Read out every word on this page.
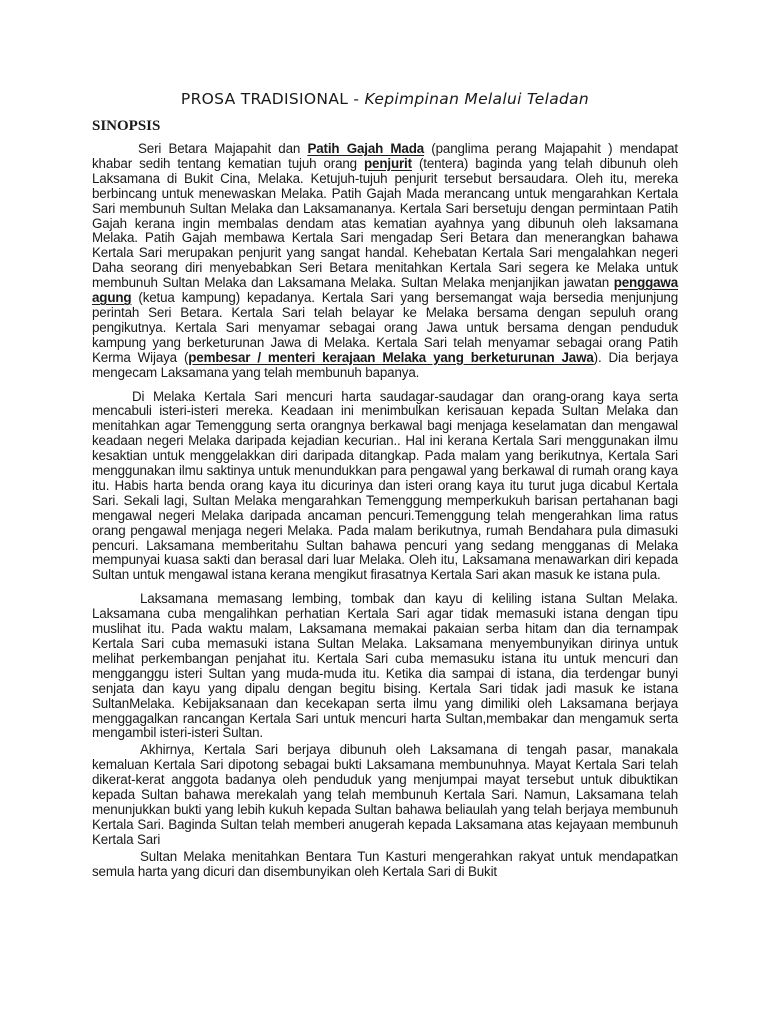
PROSA TRADISIONAL - Kepimpinan Melalui Teladan
SINOPSIS

Seri Betara Majapahit dan Patih Gajah Mada (panglima perang Majapahit ) mendapat khabar sedih tentang kematian tujuh orang penjurit (tentera) baginda yang telah dibunuh oleh Laksamana di Bukit Cina, Melaka. Ketujuh-tujuh penjurit tersebut bersaudara. Oleh itu, mereka berbincang untuk menewaskan Melaka. Patih Gajah Mada merancang untuk mengarahkan Kertala Sari membunuh Sultan Melaka dan Laksamananya. Kertala Sari bersetuju dengan permintaan Patih Gajah kerana ingin membalas dendam atas kematian ayahnya yang dibunuh oleh laksamana Melaka. Patih Gajah membawa Kertala Sari mengadap Seri Betara dan menerangkan bahawa Kertala Sari merupakan penjurit yang sangat handal. Kehebatan Kertala Sari mengalahkan negeri Daha seorang diri menyebabkan Seri Betara menitahkan Kertala Sari segera ke Melaka untuk membunuh Sultan Melaka dan Laksamana Melaka. Sultan Melaka menjanjikan jawatan penggawa agung (ketua kampung) kepadanya. Kertala Sari yang bersemangat waja bersedia menjunjung perintah Seri Betara. Kertala Sari telah belayar ke Melaka bersama dengan sepuluh orang pengikutnya. Kertala Sari menyamar sebagai orang Jawa untuk bersama dengan penduduk kampung yang berketurunan Jawa di Melaka. Kertala Sari telah menyamar sebagai orang Patih Kerma Wijaya (pembesar / menteri kerajaan Melaka yang berketurunan Jawa). Dia berjaya mengecam Laksamana yang telah membunuh bapanya.

Di Melaka Kertala Sari mencuri harta saudagar-saudagar dan orang-orang kaya serta mencabuli isteri-isteri mereka. Keadaan ini menimbulkan kerisauan kepada Sultan Melaka dan menitahkan agar Temenggung serta orangnya berkawal bagi menjaga keselamatan dan mengawal keadaan negeri Melaka daripada kejadian kecurian.. Hal ini kerana Kertala Sari menggunakan ilmu kesaktian untuk menggelakkan diri daripada ditangkap. Pada malam yang berikutnya, Kertala Sari menggunakan ilmu saktinya untuk menundukkan para pengawal yang berkawal di rumah orang kaya itu. Habis harta benda orang kaya itu dicurinya dan isteri orang kaya itu turut juga dicabul Kertala Sari. Sekali lagi, Sultan Melaka mengarahkan Temenggung memperkukuh barisan pertahanan bagi mengawal negeri Melaka daripada ancaman pencuri.Temenggung telah mengerahkan lima ratus orang pengawal menjaga negeri Melaka. Pada malam berikutnya, rumah Bendahara pula dimasuki pencuri. Laksamana memberitahu Sultan bahawa pencuri yang sedang mengganas di Melaka mempunyai kuasa sakti dan berasal dari luar Melaka. Oleh itu, Laksamana menawarkan diri kepada Sultan untuk mengawal istana kerana mengikut firasatnya Kertala Sari akan masuk ke istana pula.

Laksamana memasang lembing, tombak dan kayu di keliling istana Sultan Melaka. Laksamana cuba mengalihkan perhatian Kertala Sari agar tidak memasuki istana dengan tipu muslihat itu. Pada waktu malam, Laksamana memakai pakaian serba hitam dan dia ternampak Kertala Sari cuba memasuki istana Sultan Melaka. Laksamana menyembunyikan dirinya untuk melihat perkembangan penjahat itu. Kertala Sari cuba memasuku istana itu untuk mencuri dan mengganggu isteri Sultan yang muda-muda itu. Ketika dia sampai di istana, dia terdengar bunyi senjata dan kayu yang dipalu dengan begitu bising. Kertala Sari tidak jadi masuk ke istana SultanMelaka. Kebijaksanaan dan kecekapan serta ilmu yang dimiliki oleh Laksamana berjaya menggagalkan rancangan Kertala Sari untuk mencuri harta Sultan,membakar dan mengamuk serta mengambil isteri-isteri Sultan.

Akhirnya, Kertala Sari berjaya dibunuh oleh Laksamana di tengah pasar, manakala kemaluan Kertala Sari dipotong sebagai bukti Laksamana membunuhnya. Mayat Kertala Sari telah dikerat-kerat anggota badanya oleh penduduk yang menjumpai mayat tersebut untuk dibuktikan kepada Sultan bahawa merekalah yang telah membunuh Kertala Sari. Namun, Laksamana telah menunjukkan bukti yang lebih kukuh kepada Sultan bahawa beliaulah yang telah berjaya membunuh Kertala Sari. Baginda Sultan telah memberi anugerah kepada Laksamana atas kejayaan membunuh Kertala Sari

Sultan Melaka menitahkan Bentara Tun Kasturi mengerahkan rakyat untuk mendapatkan semula harta yang dicuri dan disembunyikan oleh Kertala Sari di Bukit
